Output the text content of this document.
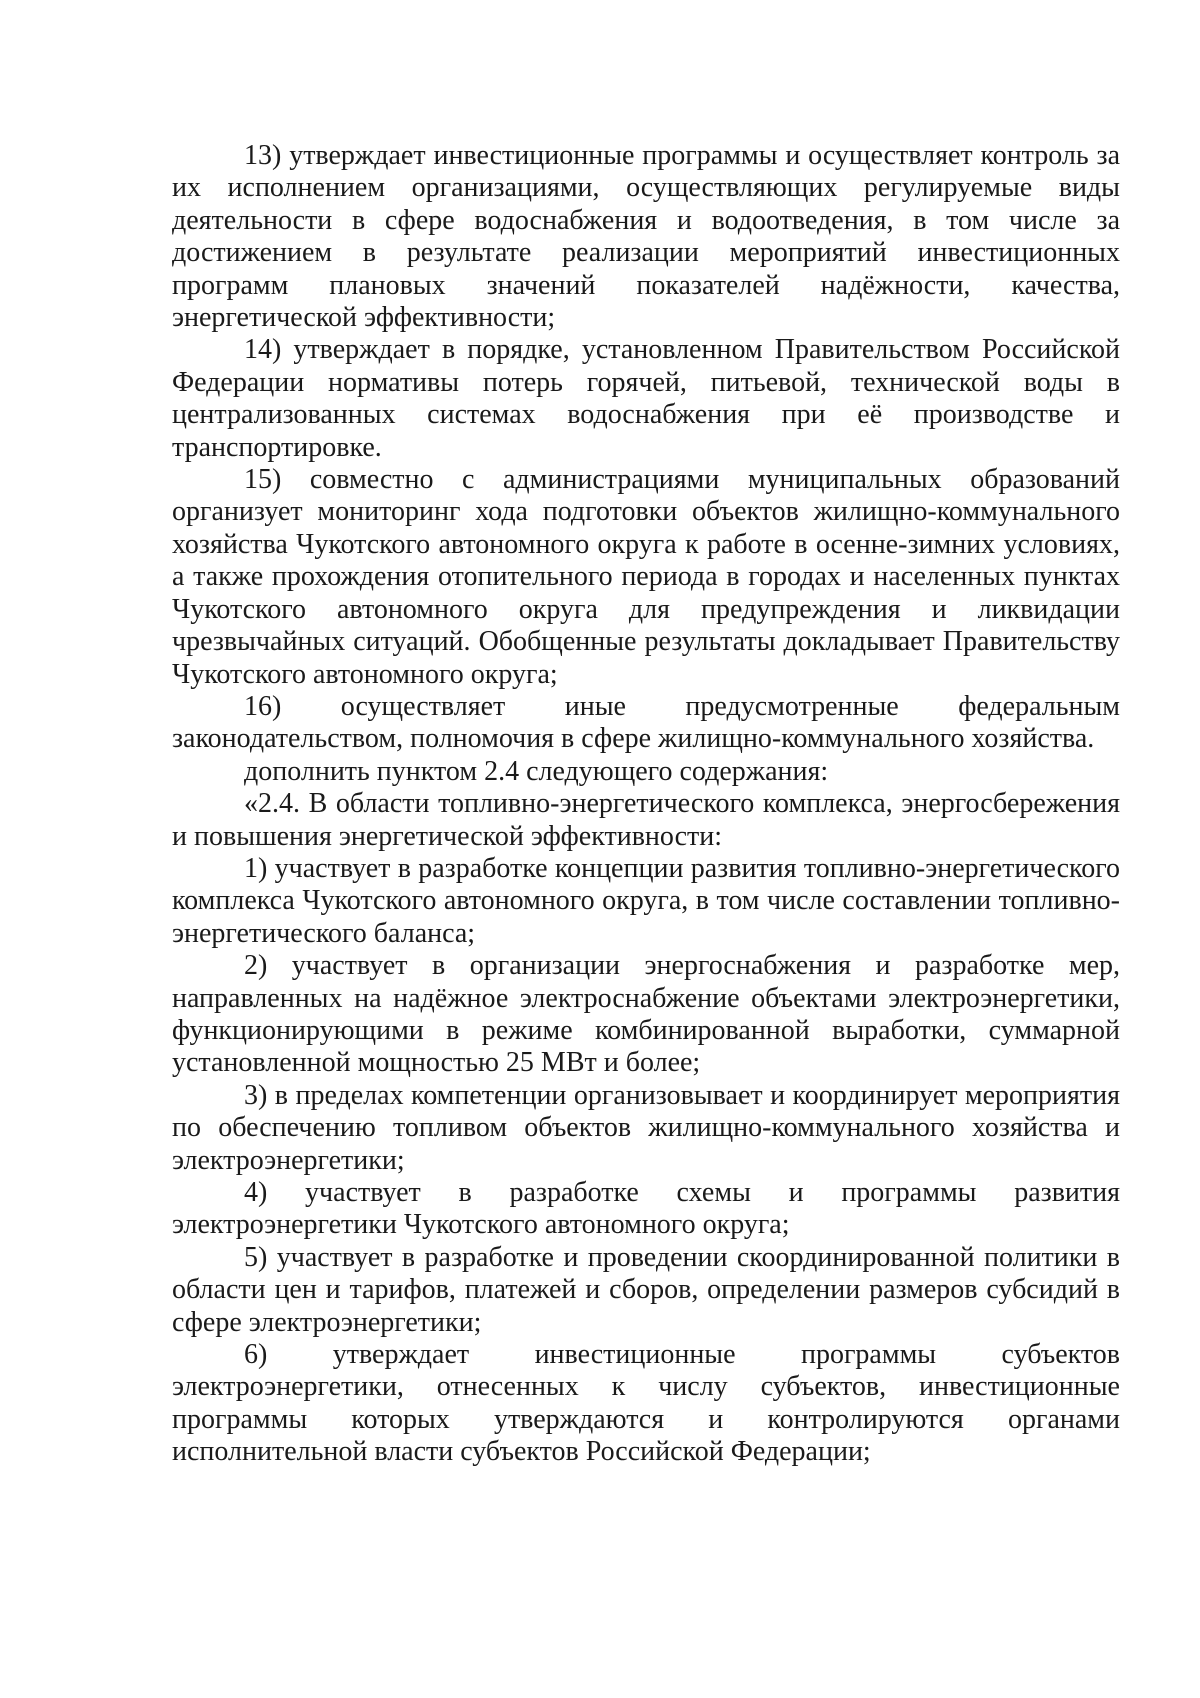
13) утверждает инвестиционные программы и осуществляет контроль за их исполнением организациями, осуществляющих регулируемые виды деятельности в сфере водоснабжения и водоотведения, в том числе за достижением в результате реализации мероприятий инвестиционных программ плановых значений показателей надёжности, качества, энергетической эффективности;

14) утверждает в порядке, установленном Правительством Российской Федерации нормативы потерь горячей, питьевой, технической воды в централизованных системах водоснабжения при её производстве и транспортировке.

15) совместно с администрациями муниципальных образований организует мониторинг хода подготовки объектов жилищно-коммунального хозяйства Чукотского автономного округа к работе в осенне-зимних условиях, а также прохождения отопительного периода в городах и населенных пунктах Чукотского автономного округа для предупреждения и ликвидации чрезвычайных ситуаций. Обобщенные результаты докладывает Правительству Чукотского автономного округа;

16) осуществляет иные предусмотренные федеральным законодательством, полномочия в сфере жилищно-коммунального хозяйства.

дополнить пунктом 2.4 следующего содержания:

«2.4. В области топливно-энергетического комплекса, энергосбережения и повышения энергетической эффективности:

1) участвует в разработке концепции развития топливно-энергетического комплекса Чукотского автономного округа, в том числе составлении топливно-энергетического баланса;

2) участвует в организации энергоснабжения и разработке мер, направленных на надёжное электроснабжение объектами электроэнергетики, функционирующими в режиме комбинированной выработки, суммарной установленной мощностью 25 МВт и более;

3) в пределах компетенции организовывает и координирует мероприятия по обеспечению топливом объектов жилищно-коммунального хозяйства и электроэнергетики;

4) участвует в разработке схемы и программы развития электроэнергетики Чукотского автономного округа;

5) участвует в разработке и проведении скоординированной политики в области цен и тарифов, платежей и сборов, определении размеров субсидий в сфере электроэнергетики;

6) утверждает инвестиционные программы субъектов электроэнергетики, отнесенных к числу субъектов, инвестиционные программы которых утверждаются и контролируются органами исполнительной власти субъектов Российской Федерации;
